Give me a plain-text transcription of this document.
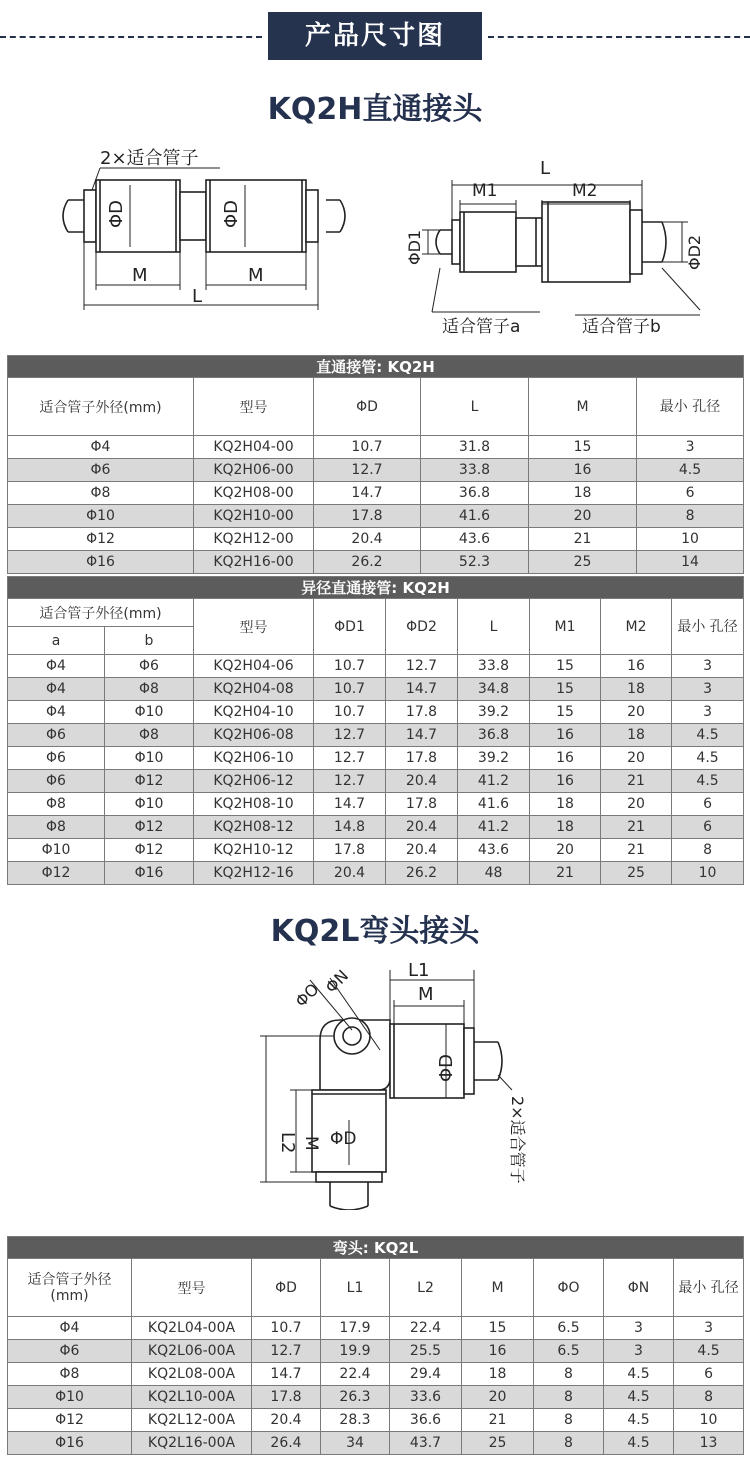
产品尺寸图
KQ2H直通接头
2×适合管子
ΦD	ΦD
M	M
L
L
M1	M2
ΦD1	ΦD2
适合管子a	适合管子b
直通接管: KQ2H					
适合管子外径(mm)	型号	ΦD	L	M	最小 孔径
Φ4	KQ2H04-00	10.7	31.8	15	3
Φ6	KQ2H06-00	12.7	33.8	16	4.5
Φ8	KQ2H08-00	14.7	36.8	18	6
Φ10	KQ2H10-00	17.8	41.6	20	8
Φ12	KQ2H12-00	20.4	43.6	21	10
Φ16	KQ2H16-00	26.2	52.3	25	14
异径直通接管: KQ2H								
适合管子外径(mm)		型号	ΦD1	ΦD2	L	M1	M2	最小 孔径
a	b							
Φ4	Φ6	KQ2H04-06	10.7	12.7	33.8	15	16	3
Φ4	Φ8	KQ2H04-08	10.7	14.7	34.8	15	18	3
Φ4	Φ10	KQ2H04-10	10.7	17.8	39.2	15	20	3
Φ6	Φ8	KQ2H06-08	12.7	14.7	36.8	16	18	4.5
Φ6	Φ10	KQ2H06-10	12.7	17.8	39.2	16	20	4.5
Φ6	Φ12	KQ2H06-12	12.7	20.4	41.2	16	21	4.5
Φ8	Φ10	KQ2H08-10	14.7	17.8	41.6	18	20	6
Φ8	Φ12	KQ2H08-12	14.8	20.4	41.2	18	21	6
Φ10	Φ12	KQ2H10-12	17.8	20.4	43.6	20	21	8
Φ12	Φ16	KQ2H12-16	20.4	26.2	48	21	25	10
KQ2L弯头接头
L1
M
ΦO
ΦN
ΦD
L2 M ΦD	2×适合管子
弯头: KQ2L								
适合管子外径 (mm)	型号	ΦD	L1	L2	M	ΦO	ΦN	最小 孔径
Φ4	KQ2L04-00A	10.7	17.9	22.4	15	6.5	3	3
Φ6	KQ2L06-00A	12.7	19.9	25.5	16	6.5	3	4.5
Φ8	KQ2L08-00A	14.7	22.4	29.4	18	8	4.5	6
Φ10	KQ2L10-00A	17.8	26.3	33.6	20	8	4.5	8
Φ12	KQ2L12-00A	20.4	28.3	36.6	21	8	4.5	10
Φ16	KQ2L16-00A	26.4	34	43.7	25	8	4.5	13
